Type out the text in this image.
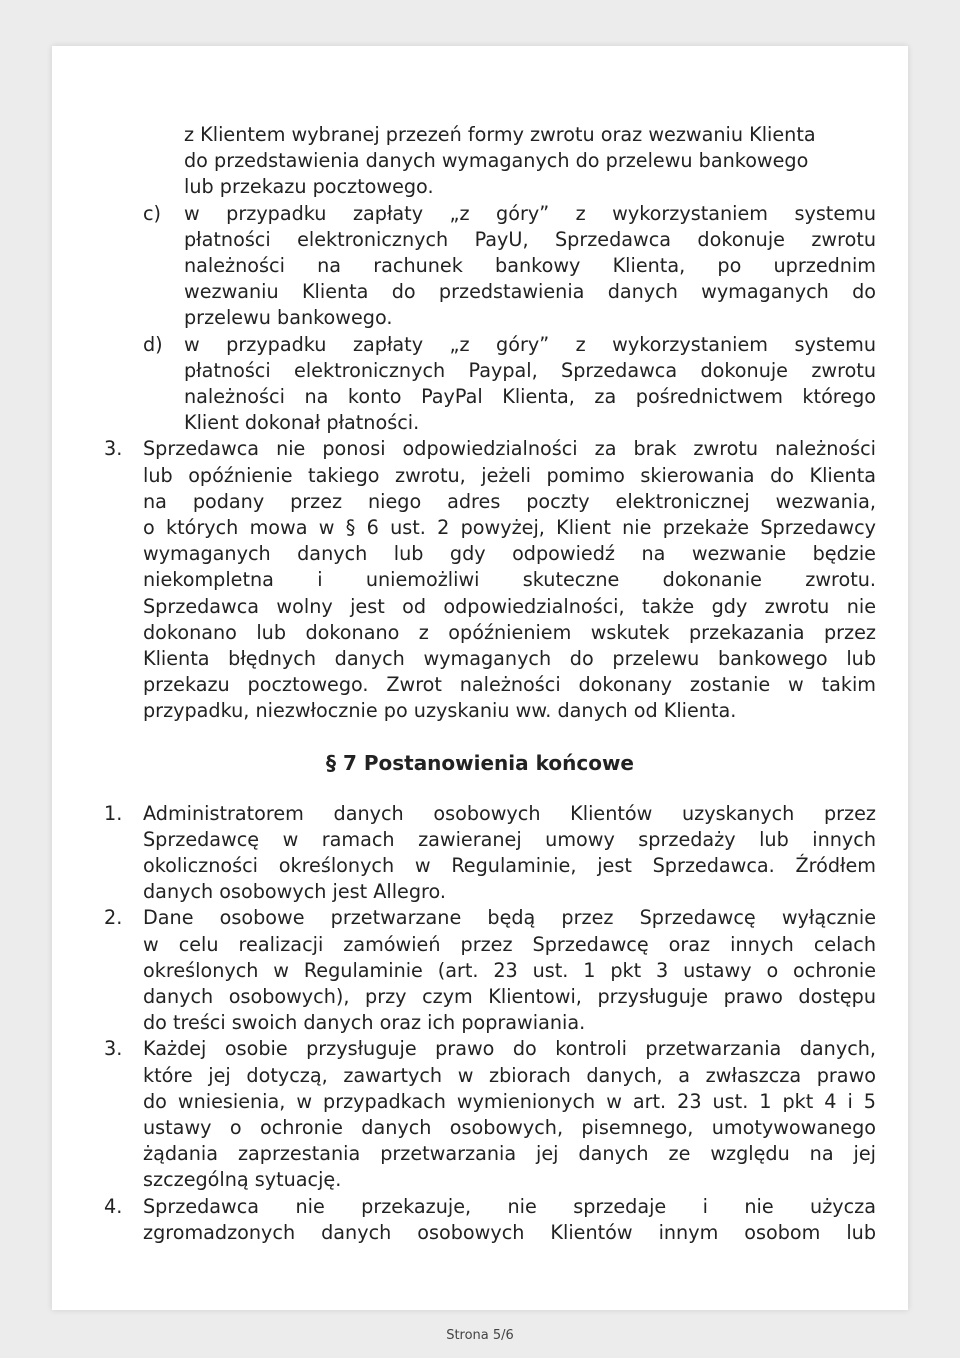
z Klientem wybranej przezeń formy zwrotu oraz wezwaniu Klienta
do przedstawienia danych wymaganych do przelewu bankowego
lub przekazu pocztowego.
c) w przypadku zapłaty „z góry” z wykorzystaniem systemu
płatności elektronicznych PayU, Sprzedawca dokonuje zwrotu
należności na rachunek bankowy Klienta, po uprzednim
wezwaniu Klienta do przedstawienia danych wymaganych do
przelewu bankowego.
d) w przypadku zapłaty „z góry” z wykorzystaniem systemu
płatności elektronicznych Paypal, Sprzedawca dokonuje zwrotu
należności na konto PayPal Klienta, za pośrednictwem którego
Klient dokonał płatności.
3. Sprzedawca nie ponosi odpowiedzialności za brak zwrotu należności
lub opóźnienie takiego zwrotu, jeżeli pomimo skierowania do Klienta
na podany przez niego adres poczty elektronicznej wezwania,
o których mowa w § 6 ust. 2 powyżej, Klient nie przekaże Sprzedawcy
wymaganych danych lub gdy odpowiedź na wezwanie będzie
niekompletna i uniemożliwi skuteczne dokonanie zwrotu.
Sprzedawca wolny jest od odpowiedzialności, także gdy zwrotu nie
dokonano lub dokonano z opóźnieniem wskutek przekazania przez
Klienta błędnych danych wymaganych do przelewu bankowego lub
przekazu pocztowego. Zwrot należności dokonany zostanie w takim
przypadku, niezwłocznie po uzyskaniu ww. danych od Klienta.
§ 7 Postanowienia końcowe
1. Administratorem danych osobowych Klientów uzyskanych przez
Sprzedawcę w ramach zawieranej umowy sprzedaży lub innych
okoliczności określonych w Regulaminie, jest Sprzedawca. Źródłem
danych osobowych jest Allegro.
2. Dane osobowe przetwarzane będą przez Sprzedawcę wyłącznie
w celu realizacji zamówień przez Sprzedawcę oraz innych celach
określonych w Regulaminie (art. 23 ust. 1 pkt 3 ustawy o ochronie
danych osobowych), przy czym Klientowi, przysługuje prawo dostępu
do treści swoich danych oraz ich poprawiania.
3. Każdej osobie przysługuje prawo do kontroli przetwarzania danych,
które jej dotyczą, zawartych w zbiorach danych, a zwłaszcza prawo
do wniesienia, w przypadkach wymienionych w art. 23 ust. 1 pkt 4 i 5
ustawy o ochronie danych osobowych, pisemnego, umotywowanego
żądania zaprzestania przetwarzania jej danych ze względu na jej
szczególną sytuację.
4. Sprzedawca nie przekazuje, nie sprzedaje i nie użycza
zgromadzonych danych osobowych Klientów innym osobom lub
Strona 5/6
